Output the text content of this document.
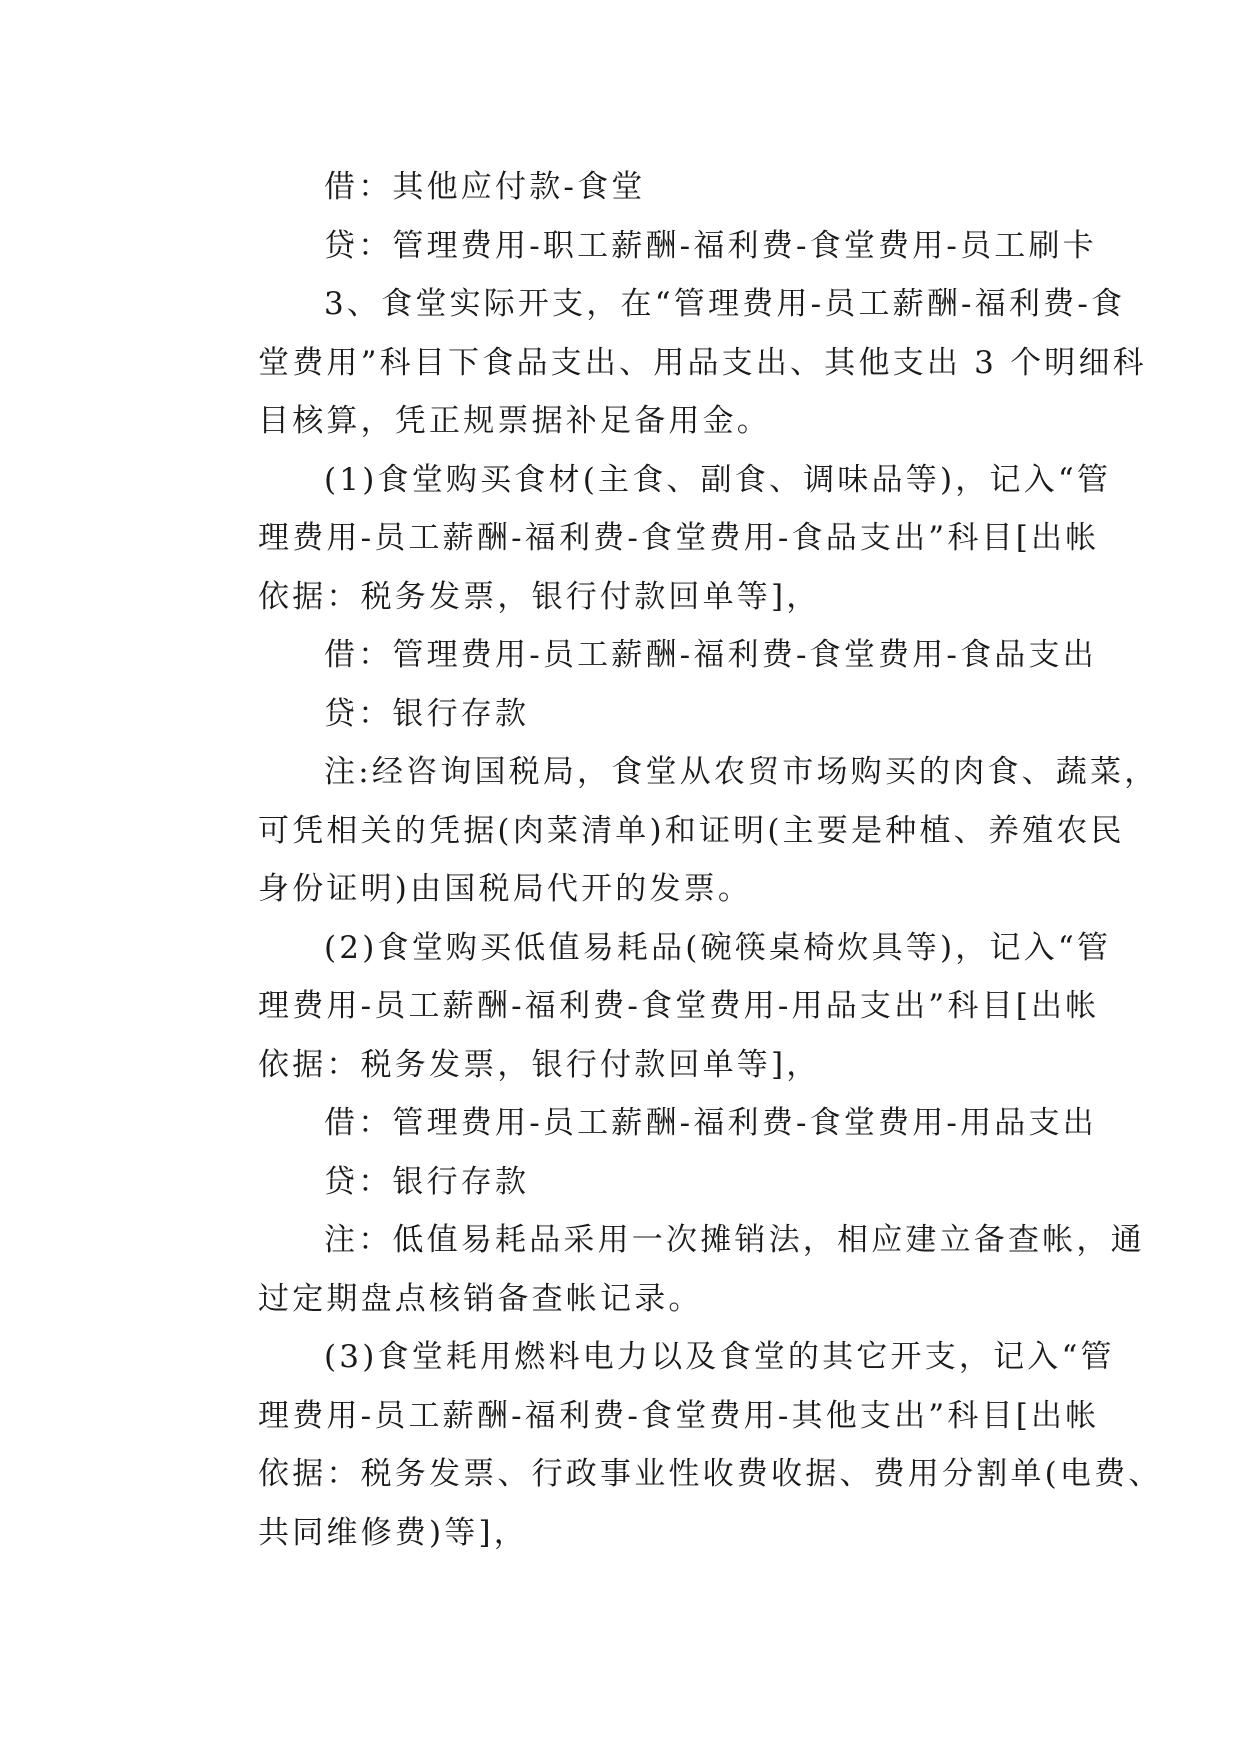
借：其他应付款-食堂
贷：管理费用-职工薪酬-福利费-食堂费用-员工刷卡
3、食堂实际开支，在“管理费用-员工薪酬-福利费-食
堂费用”科目下食品支出、用品支出、其他支出 3 个明细科
目核算，凭正规票据补足备用金。
(1)食堂购买食材(主食、副食、调味品等)，记入“管
理费用-员工薪酬-福利费-食堂费用-食品支出”科目[出帐
依据：税务发票，银行付款回单等]，
借：管理费用-员工薪酬-福利费-食堂费用-食品支出
贷：银行存款
注:经咨询国税局，食堂从农贸市场购买的肉食、蔬菜，
可凭相关的凭据(肉菜清单)和证明(主要是种植、养殖农民
身份证明)由国税局代开的发票。
(2)食堂购买低值易耗品(碗筷桌椅炊具等)，记入“管
理费用-员工薪酬-福利费-食堂费用-用品支出”科目[出帐
依据：税务发票，银行付款回单等]，
借：管理费用-员工薪酬-福利费-食堂费用-用品支出
贷：银行存款
注：低值易耗品采用一次摊销法，相应建立备查帐，通
过定期盘点核销备查帐记录。
(3)食堂耗用燃料电力以及食堂的其它开支，记入“管
理费用-员工薪酬-福利费-食堂费用-其他支出”科目[出帐
依据：税务发票、行政事业性收费收据、费用分割单(电费、
共同维修费)等]，
